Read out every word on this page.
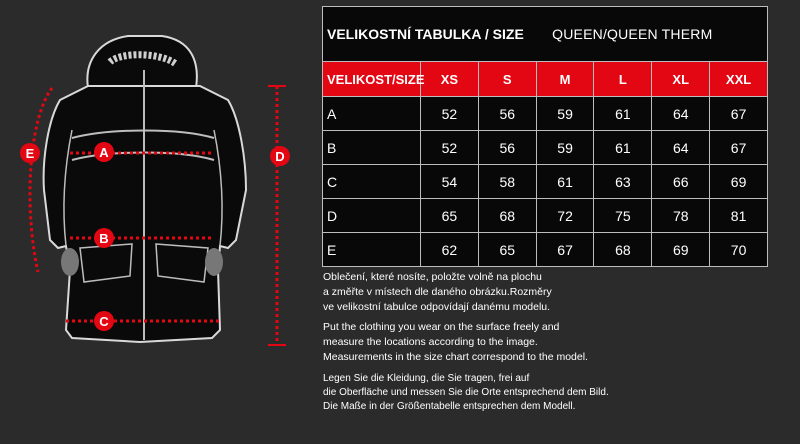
A
B
C
D
E
VELIKOSTNÍ TABULKA / SIZE			QUEEN/QUEEN THERM			
VELIKOST/SIZE	XS	S	M	L	XL	XXL
A	52	56	59	61	64	67
B	52	56	59	61	64	67
C	54	58	61	63	66	69
D	65	68	72	75	78	81
E	62	65	67	68	69	70

Oblečení, které nosíte, položte volně na plochu
a změřte v místech dle daného obrázku.Rozměry
ve velikostní tabulce odpovídají danému modelu.

Put the clothing you wear on the surface freely and
measure the locations according to the image.
Measurements in the size chart correspond to the model.

Legen Sie die Kleidung, die Sie tragen, frei auf
die Oberfläche und messen Sie die Orte entsprechend dem Bild.
Die Maße in der Größentabelle entsprechen dem Modell.
